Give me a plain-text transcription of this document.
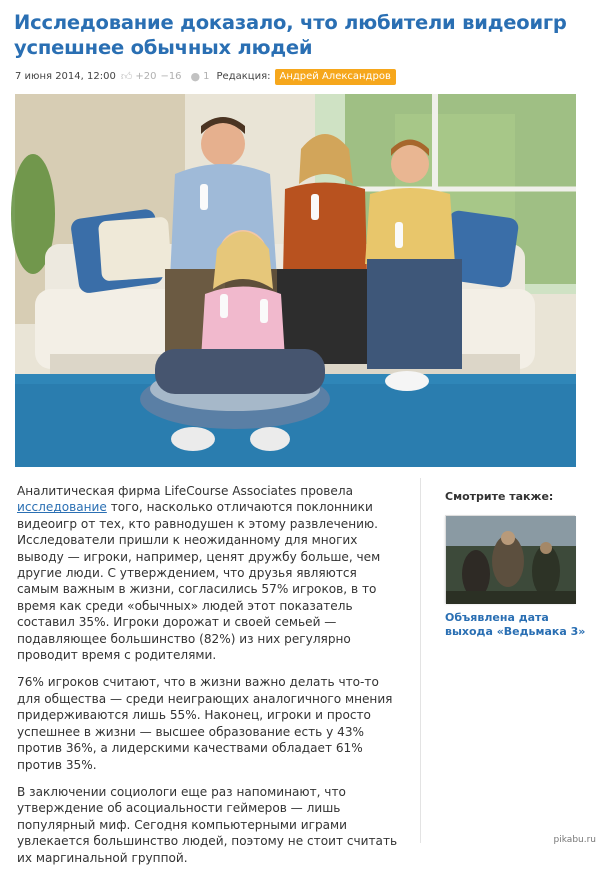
Исследование доказало, что любители видеоигр успешнее обычных людей
7 июня 2014, 12:00 👍︎ +20 −16 ● 1 Редакция: Андрей Александров

Аналитическая фирма LifeCourse Associates провела исследование того, насколько отличаются поклонники видеоигр от тех, кто равнодушен к этому развлечению. Исследователи пришли к неожиданному для многих выводу — игроки, например, ценят дружбу больше, чем другие люди. С утверждением, что друзья являются самым важным в жизни, согласились 57% игроков, в то время как среди «обычных» людей этот показатель составил 35%. Игроки дорожат и своей семьей — подавляющее большинство (82%) из них регулярно проводит время с родителями.

76% игроков считают, что в жизни важно делать что-то для общества — среди неиграющих аналогичного мнения придерживаются лишь 55%. Наконец, игроки и просто успешнее в жизни — высшее образование есть у 43% против 36%, а лидерскими качествами обладает 61% против 35%.

В заключении социологи еще раз напоминают, что утверждение об асоциальности геймеров — лишь популярный миф. Сегодня компьютерными играми увлекается большинство людей, поэтому не стоит считать их маргинальной группой.

Смотрите также:
Объявлена дата выхода «Ведьмака 3»
pikabu.ru
